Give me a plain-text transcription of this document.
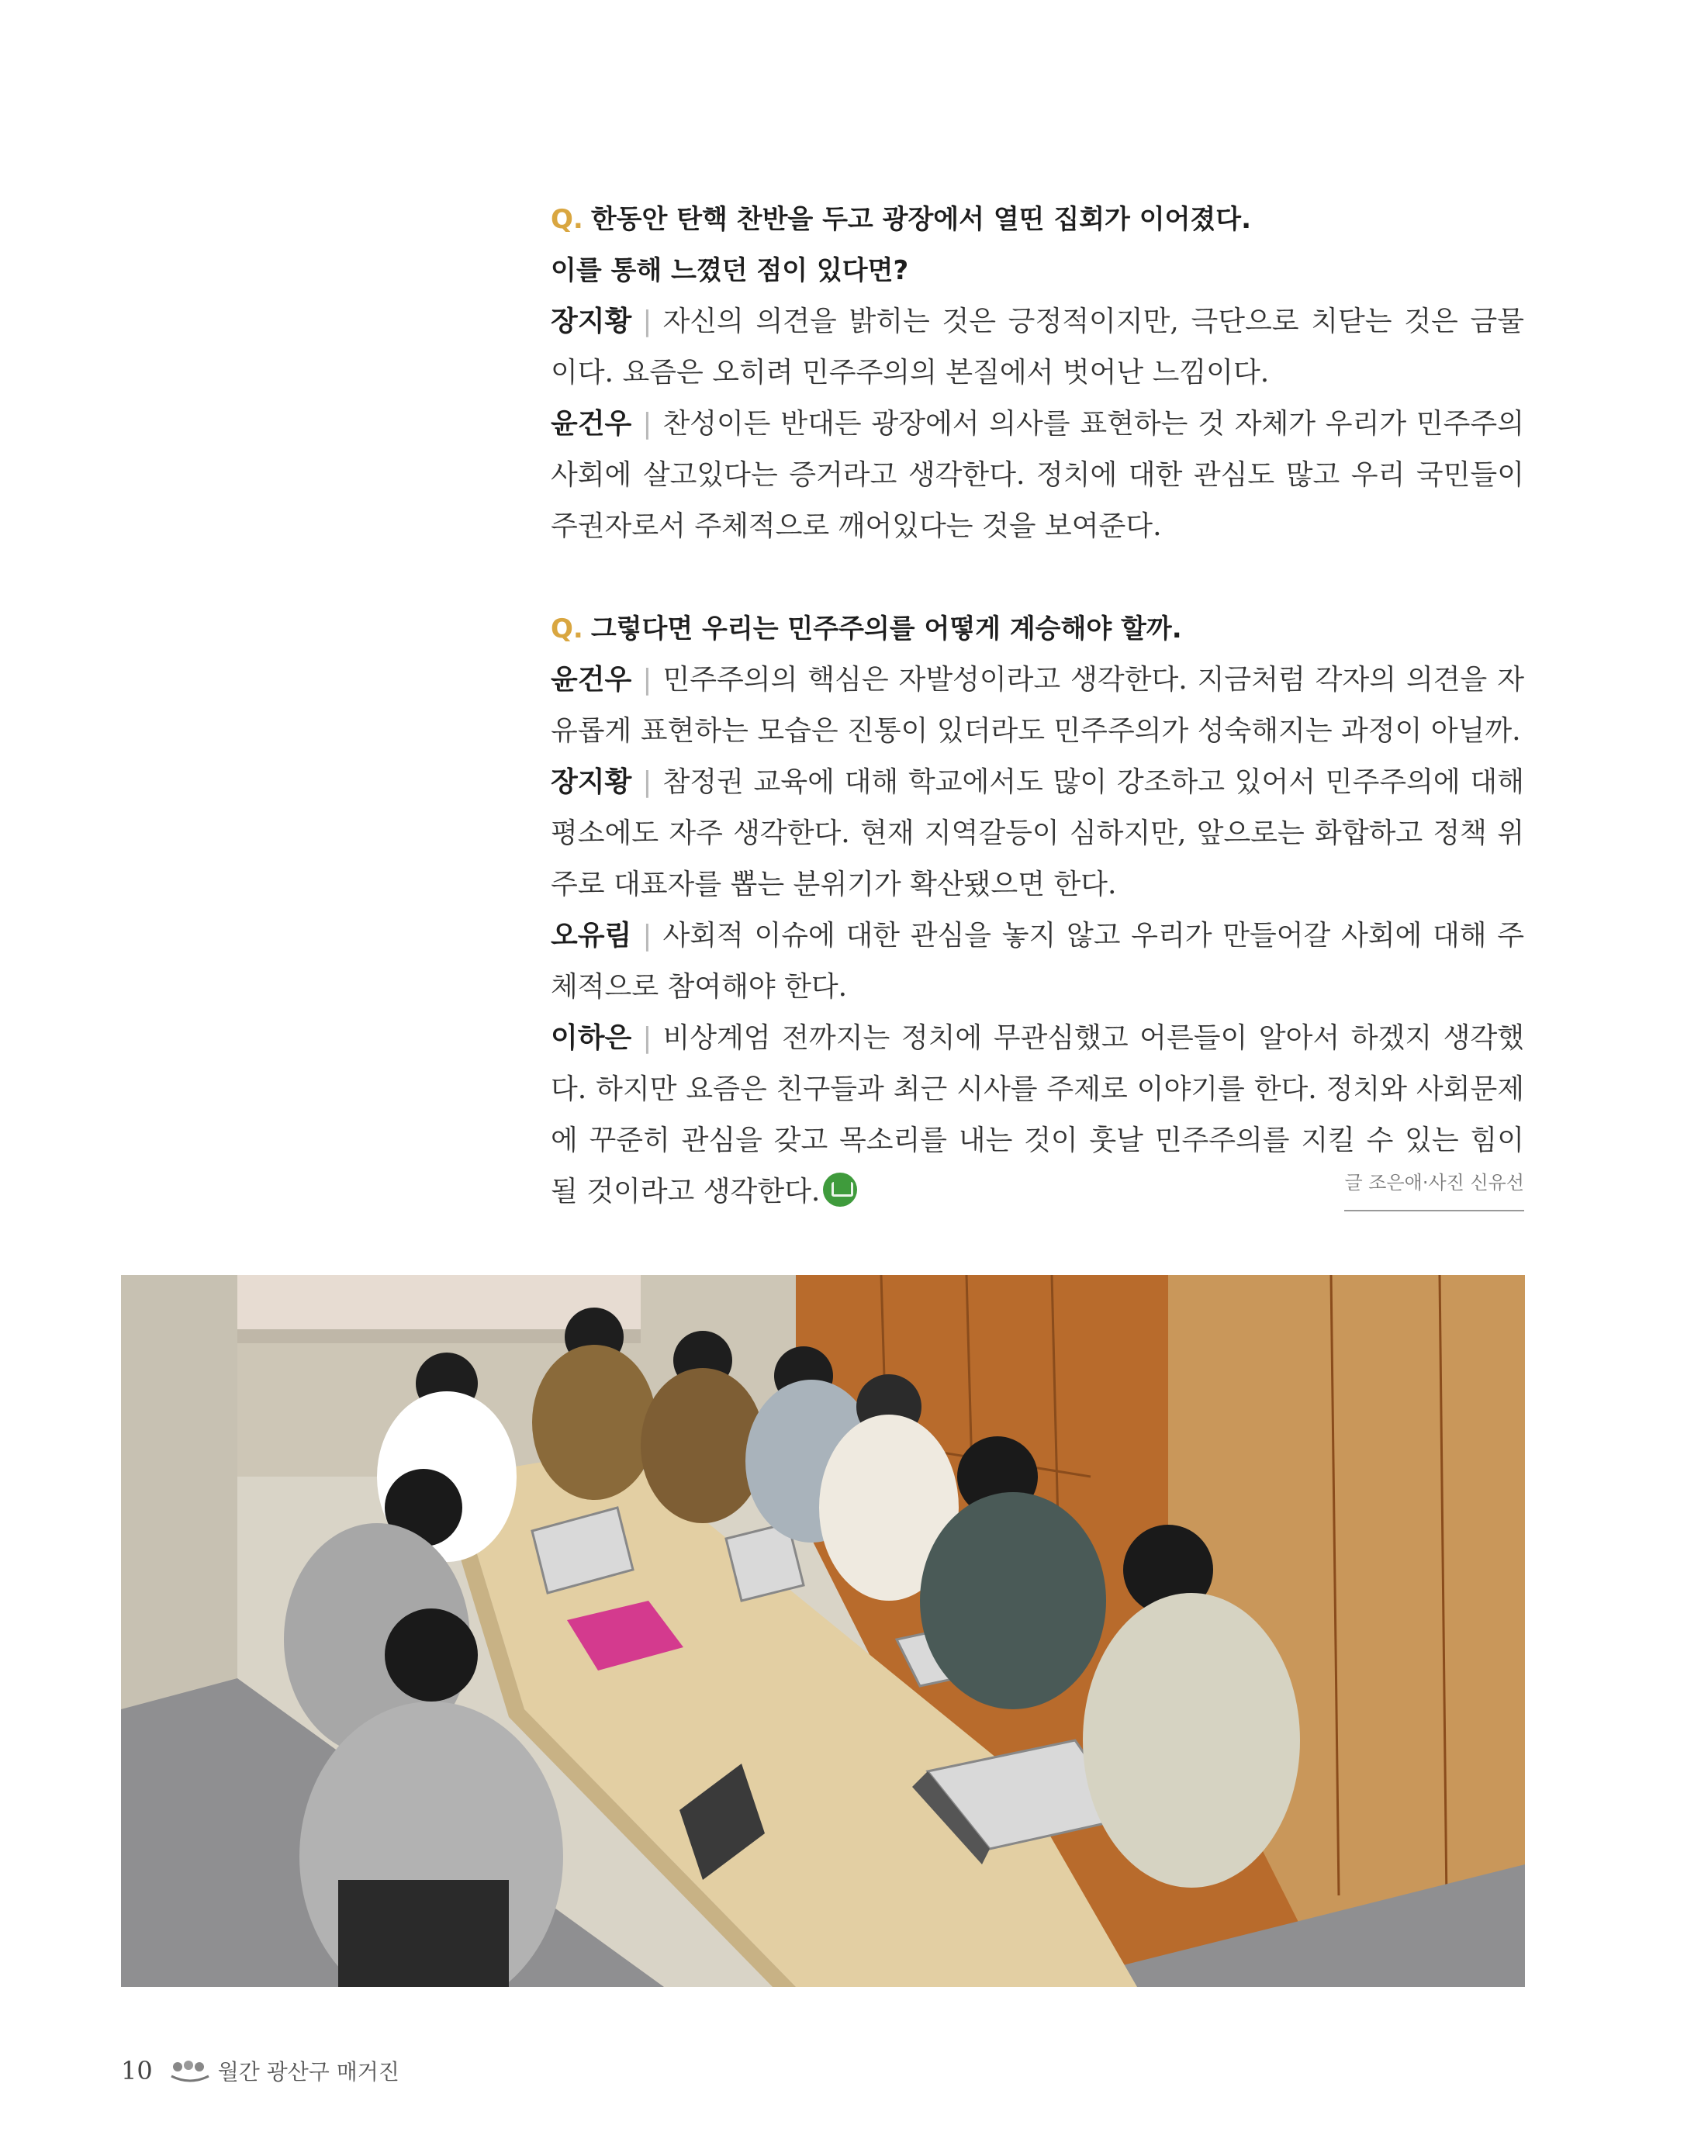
Q. 한동안 탄핵 찬반을 두고 광장에서 열띤 집회가 이어졌다.
이를 통해 느꼈던 점이 있다면?

장지황 | 자신의 의견을 밝히는 것은 긍정적이지만, 극단으로 치닫는 것은 금물이다. 요즘은 오히려 민주주의의 본질에서 벗어난 느낌이다.

윤건우 | 찬성이든 반대든 광장에서 의사를 표현하는 것 자체가 우리가 민주주의 사회에 살고있다는 증거라고 생각한다. 정치에 대한 관심도 많고 우리 국민들이 주권자로서 주체적으로 깨어있다는 것을 보여준다.

Q. 그렇다면 우리는 민주주의를 어떻게 계승해야 할까.

윤건우 | 민주주의의 핵심은 자발성이라고 생각한다. 지금처럼 각자의 의견을 자유롭게 표현하는 모습은 진통이 있더라도 민주주의가 성숙해지는 과정이 아닐까.

장지황 | 참정권 교육에 대해 학교에서도 많이 강조하고 있어서 민주주의에 대해 평소에도 자주 생각한다. 현재 지역갈등이 심하지만, 앞으로는 화합하고 정책 위주로 대표자를 뽑는 분위기가 확산됐으면 한다.

오유림 | 사회적 이슈에 대한 관심을 놓지 않고 우리가 만들어갈 사회에 대해 주체적으로 참여해야 한다.

이하은 | 비상계엄 전까지는 정치에 무관심했고 어른들이 알아서 하겠지 생각했다. 하지만 요즘은 친구들과 최근 시사를 주제로 이야기를 한다. 정치와 사회문제에 꾸준히 관심을 갖고 목소리를 내는 것이 훗날 민주주의를 지킬 수 있는 힘이 될 것이라고 생각한다.	글 조은애·사진 신유선

10	월간 광산구 매거진
